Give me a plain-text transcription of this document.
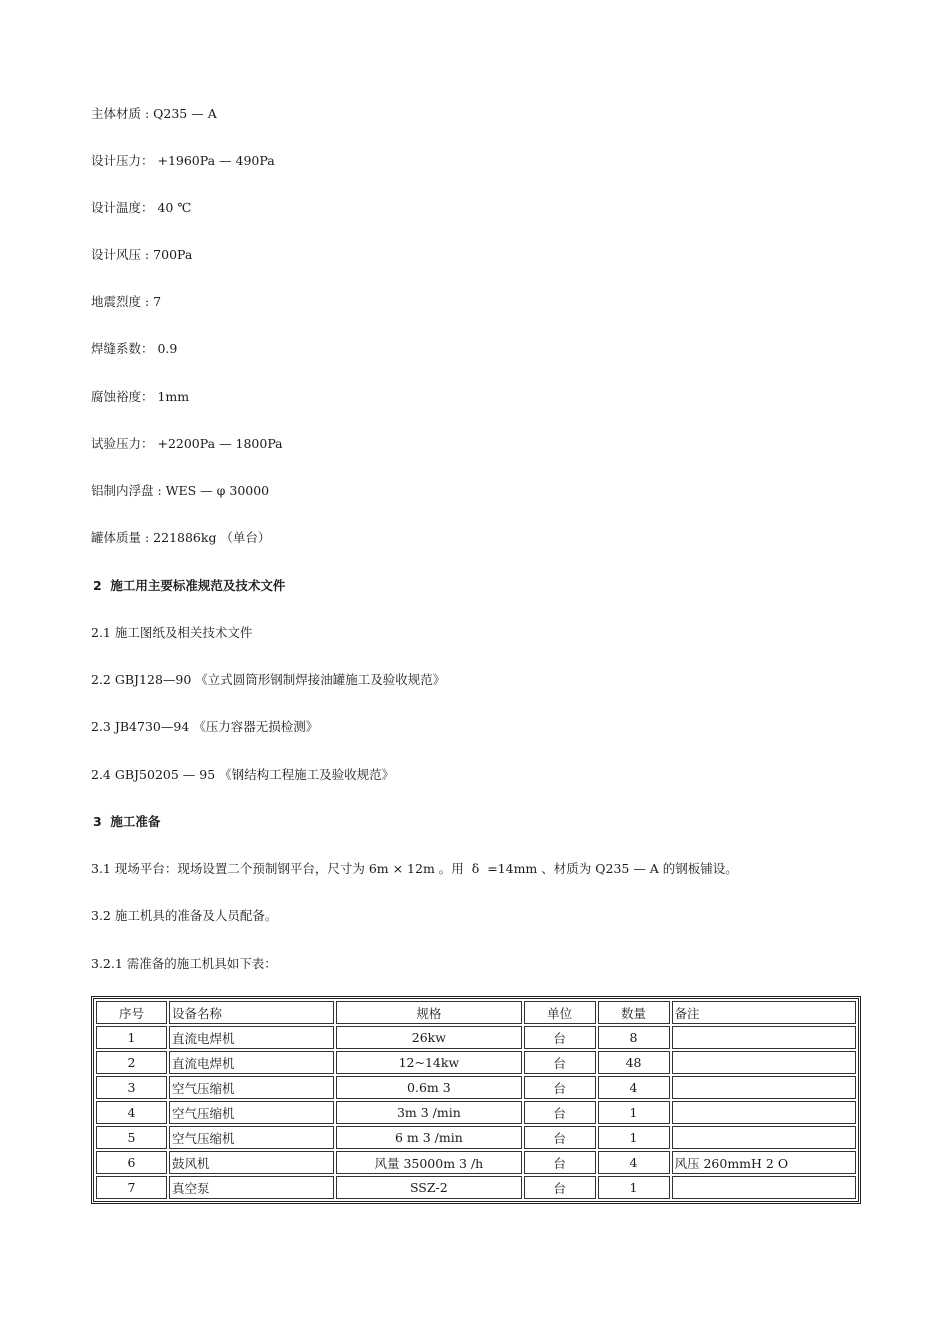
主体材质 : Q235 — A
设计压力： +1960Pa — 490Pa
设计温度： 40 ℃
设计风压 : 700Pa
地震烈度 : 7
焊缝系数： 0.9
腐蚀裕度： 1mm
试验压力： +2200Pa — 1800Pa
铝制内浮盘 : WES — φ 30000
罐体质量 : 221886kg （单台）
2  施工用主要标准规范及技术文件
2.1 施工图纸及相关技术文件
2.2 GBJ128—90 《立式圆筒形钢制焊接油罐施工及验收规范》
2.3 JB4730—94 《压力容器无损检测》
2.4 GBJ50205 — 95 《钢结构工程施工及验收规范》
3  施工准备
3.1 现场平台：现场设置二个预制钢平台，尺寸为 6m × 12m 。用  δ  =14mm 、材质为 Q235 — A 的钢板铺设。
3.2 施工机具的准备及人员配备。
3.2.1 需准备的施工机具如下表：
序号	设备名称	规格	单位	数量	备注
1	直流电焊机	26kw	台	8	
2	直流电焊机	12~14kw	台	48	
3	空气压缩机	0.6m 3	台	4	
4	空气压缩机	3m 3 /min	台	1	
5	空气压缩机	6 m 3 /min	台	1	
6	鼓风机	风量 35000m 3 /h	台	4	风压 260mmH 2 O
7	真空泵	SSZ-2	台	1	
